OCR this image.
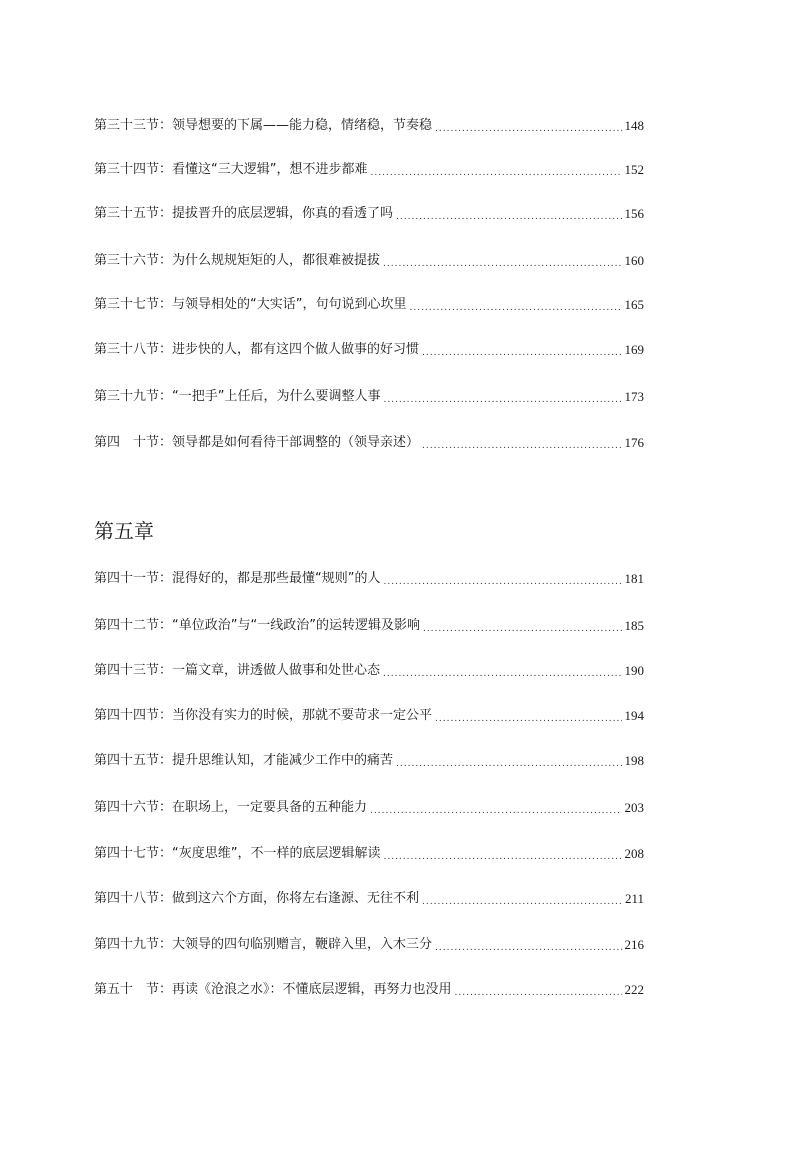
第三十三节：领导想要的下属——能力稳，情绪稳，节奏稳 .....	148
第三十四节：看懂这“三大逻辑”，想不进步都难 .....	152
第三十五节：提拔晋升的底层逻辑，你真的看透了吗 .....	156
第三十六节：为什么规规矩矩的人，都很难被提拔 .....	160
第三十七节：与领导相处的“大实话”，句句说到心坎里 .....	165
第三十八节：进步快的人，都有这四个做人做事的好习惯 .....	169
第三十九节：“一把手”上任后，为什么要调整人事 .....	173
第四　十节：领导都是如何看待干部调整的（领导亲述） .....	176
第五章
第四十一节：混得好的，都是那些最懂“规则”的人 .....	181
第四十二节：“单位政治”与“一线政治”的运转逻辑及影响 .....	185
第四十三节：一篇文章，讲透做人做事和处世心态 .....	190
第四十四节：当你没有实力的时候，那就不要苛求一定公平 .....	194
第四十五节：提升思维认知，才能减少工作中的痛苦 .....	198
第四十六节：在职场上，一定要具备的五种能力 .....	203
第四十七节：“灰度思维”，不一样的底层逻辑解读 .....	208
第四十八节：做到这六个方面，你将左右逢源、无往不利 .....	211
第四十九节：大领导的四句临别赠言，鞭辟入里，入木三分 .....	216
第五十　节：再读《沧浪之水》：不懂底层逻辑，再努力也没用 .....	222
